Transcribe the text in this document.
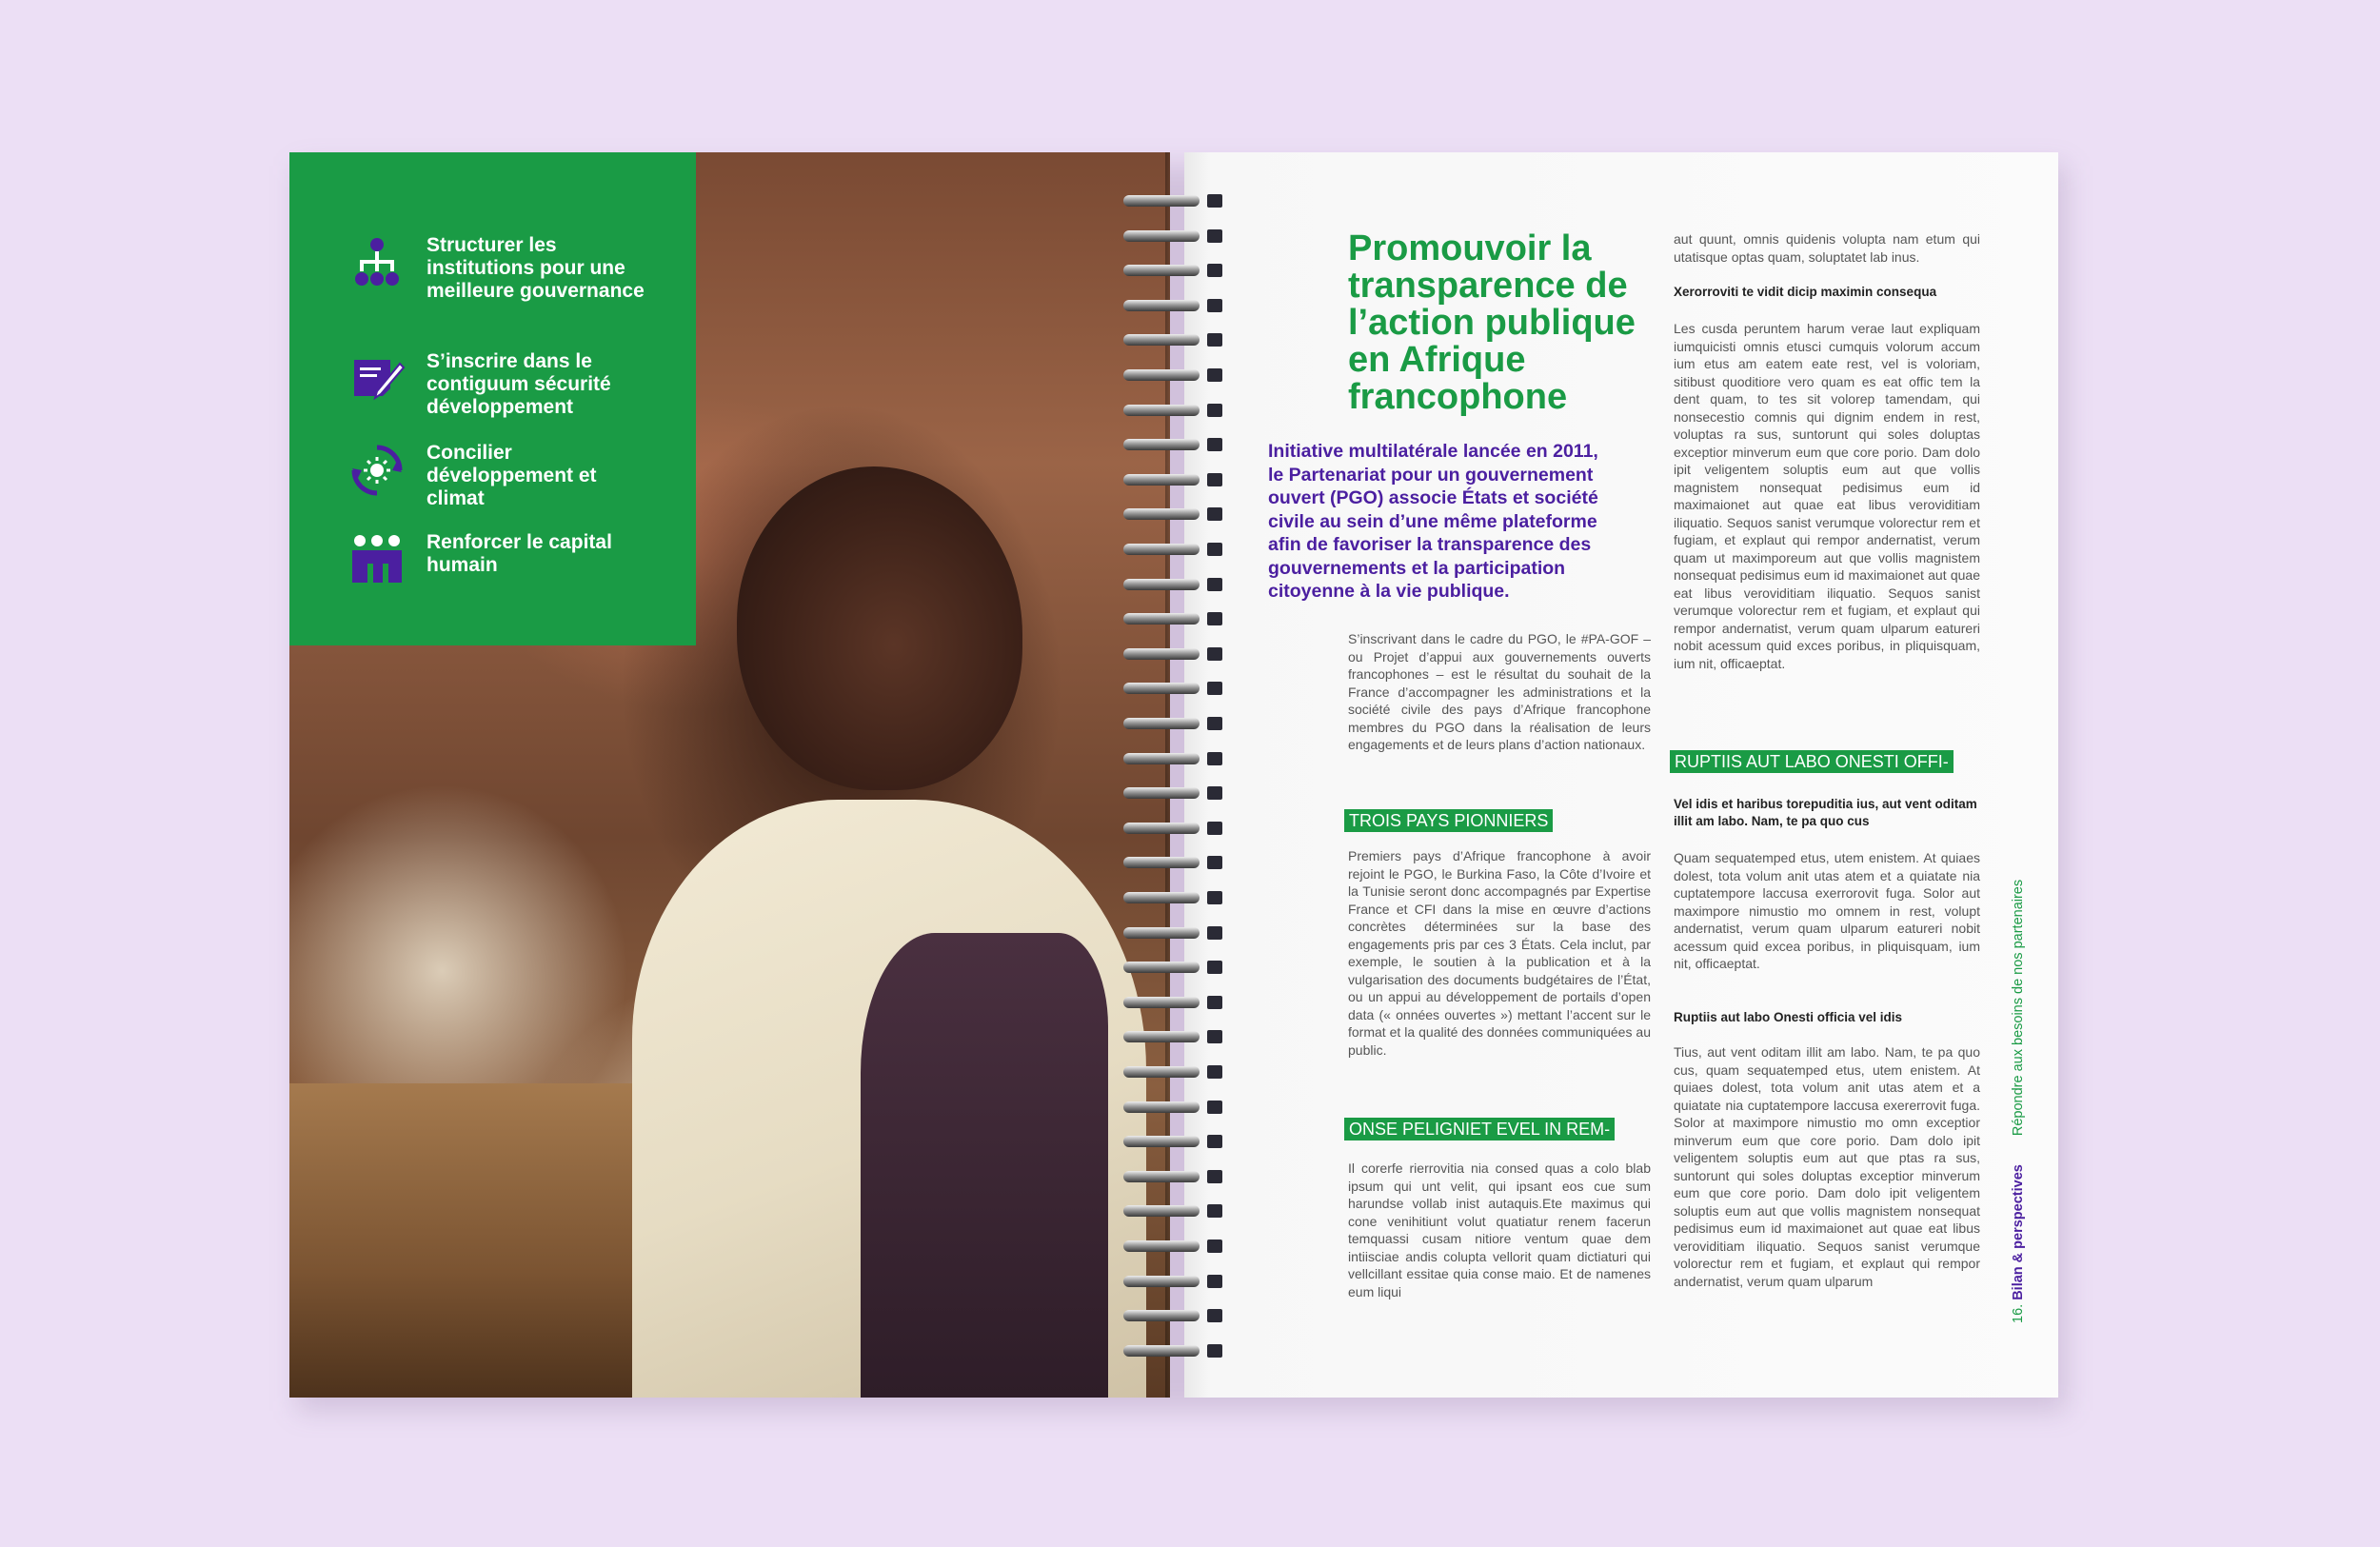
Structurer les institutions pour une meilleure gouvernance
S’inscrire dans le contiguum sécurité développement
Concilier développement et climat
Renforcer le capital humain
Promouvoir la transparence de l’action publique en Afrique francophone
Initiative multilatérale lancée en 2011, le Partenariat pour un gouvernement ouvert (PGO) associe États et société civile au sein d’une même plateforme afin de favoriser la transparence des gouvernements et la participation citoyenne à la vie publique.
S’inscrivant dans le cadre du PGO, le #PA-GOF – ou Projet d’appui aux gouvernements ouverts francophones – est le résultat du souhait de la France d’accompagner les administrations et la société civile des pays d’Afrique francophone membres du PGO dans la réalisation de leurs engagements et de leurs plans d’action nationaux.
TROIS PAYS PIONNIERS
Premiers pays d’Afrique francophone à avoir rejoint le PGO, le Burkina Faso, la Côte d’Ivoire et la Tunisie seront donc accompagnés par Expertise France et CFI dans la mise en œuvre d’actions concrètes déterminées sur la base des engagements pris par ces 3 États. Cela inclut, par exemple, le soutien à la publication et à la vulgarisation des documents budgétaires de l’État, ou un appui au développement de portails d’open data (« onnées ouvertes ») mettant l’accent sur le format et la qualité des données communiquées au public.
ONSE PELIGNIET EVEL IN REM-
Il corerfe rierrovitia nia consed quas a colo blab ipsum qui unt velit, qui ipsant eos cue sum harundse vollab inist autaquis.Ete maximus qui cone venihitiunt volut quatiatur renem facerun temquassi cusam nitiore ventum quae dem intiisciae andis colupta vellorit quam dictiaturi qui vellcillant essitae quia conse maio. Et de namenes eum liqui
aut quunt, omnis quidenis volupta nam etum qui utatisque optas quam, soluptatet lab inus.
Xerorroviti te vidit dicip maximin consequa
Les cusda peruntem harum verae laut expliquam iumquicisti omnis etusci cumquis volorum accum ium etus am eatem eate rest, vel is voloriam, sitibust quoditiore vero quam es eat offic tem la dent quam, to tes sit volorep tamendam, qui nonsecestio comnis qui dignim endem in rest, voluptas ra sus, suntorunt qui soles doluptas exceptior minverum eum que core porio. Dam dolo ipit veligentem soluptis eum aut que vollis magnistem nonsequat pedisimus eum id maximaionet aut quae eat libus veroviditiam iliquatio. Sequos sanist verumque volorectur rem et fugiam, et explaut qui rempor andernatist, verum quam ut maximporeum aut que vollis magnistem nonsequat pedisimus eum id maximaionet aut quae eat libus veroviditiam iliquatio. Sequos sanist verumque volorectur rem et fugiam, et explaut qui rempor andernatist, verum quam ulparum eatureri nobit acessum quid exces poribus, in pliquisquam, ium nit, officaeptat.
RUPTIIS AUT LABO ONESTI OFFI-
Vel idis et haribus torepuditia ius, aut vent oditam illit am labo. Nam, te pa quo cus
Quam sequatemped etus, utem enistem. At quiaes dolest, tota volum anit utas atem et a quiatate nia cuptatempore laccusa exerrorovit fuga. Solor aut maximpore nimustio mo omnem in rest, volupt andernatist, verum quam ulparum eatureri nobit acessum quid excea poribus, in pliquisquam, ium nit, officaeptat.
Ruptiis aut labo Onesti officia vel idis
Tius, aut vent oditam illit am labo. Nam, te pa quo cus, quam sequatemped etus, utem enistem. At quiaes dolest, tota volum anit utas atem et a quiatate nia cuptatempore laccusa exererrovit fuga. Solor at maximpore nimustio mo omn exceptior minverum eum que core porio. Dam dolo ipit veligentem soluptis eum aut que ptas ra sus, suntorunt qui soles doluptas exceptior minverum eum que core porio. Dam dolo ipit veligentem soluptis eum aut que vollis magnistem nonsequat pedisimus eum id maximaionet aut quae eat libus veroviditiam iliquatio. Sequos sanist verumque volorectur rem et fugiam, et explaut qui rempor andernatist, verum quam ulparum
16. Bilan & perspectives Répondre aux besoins de nos partenaires
